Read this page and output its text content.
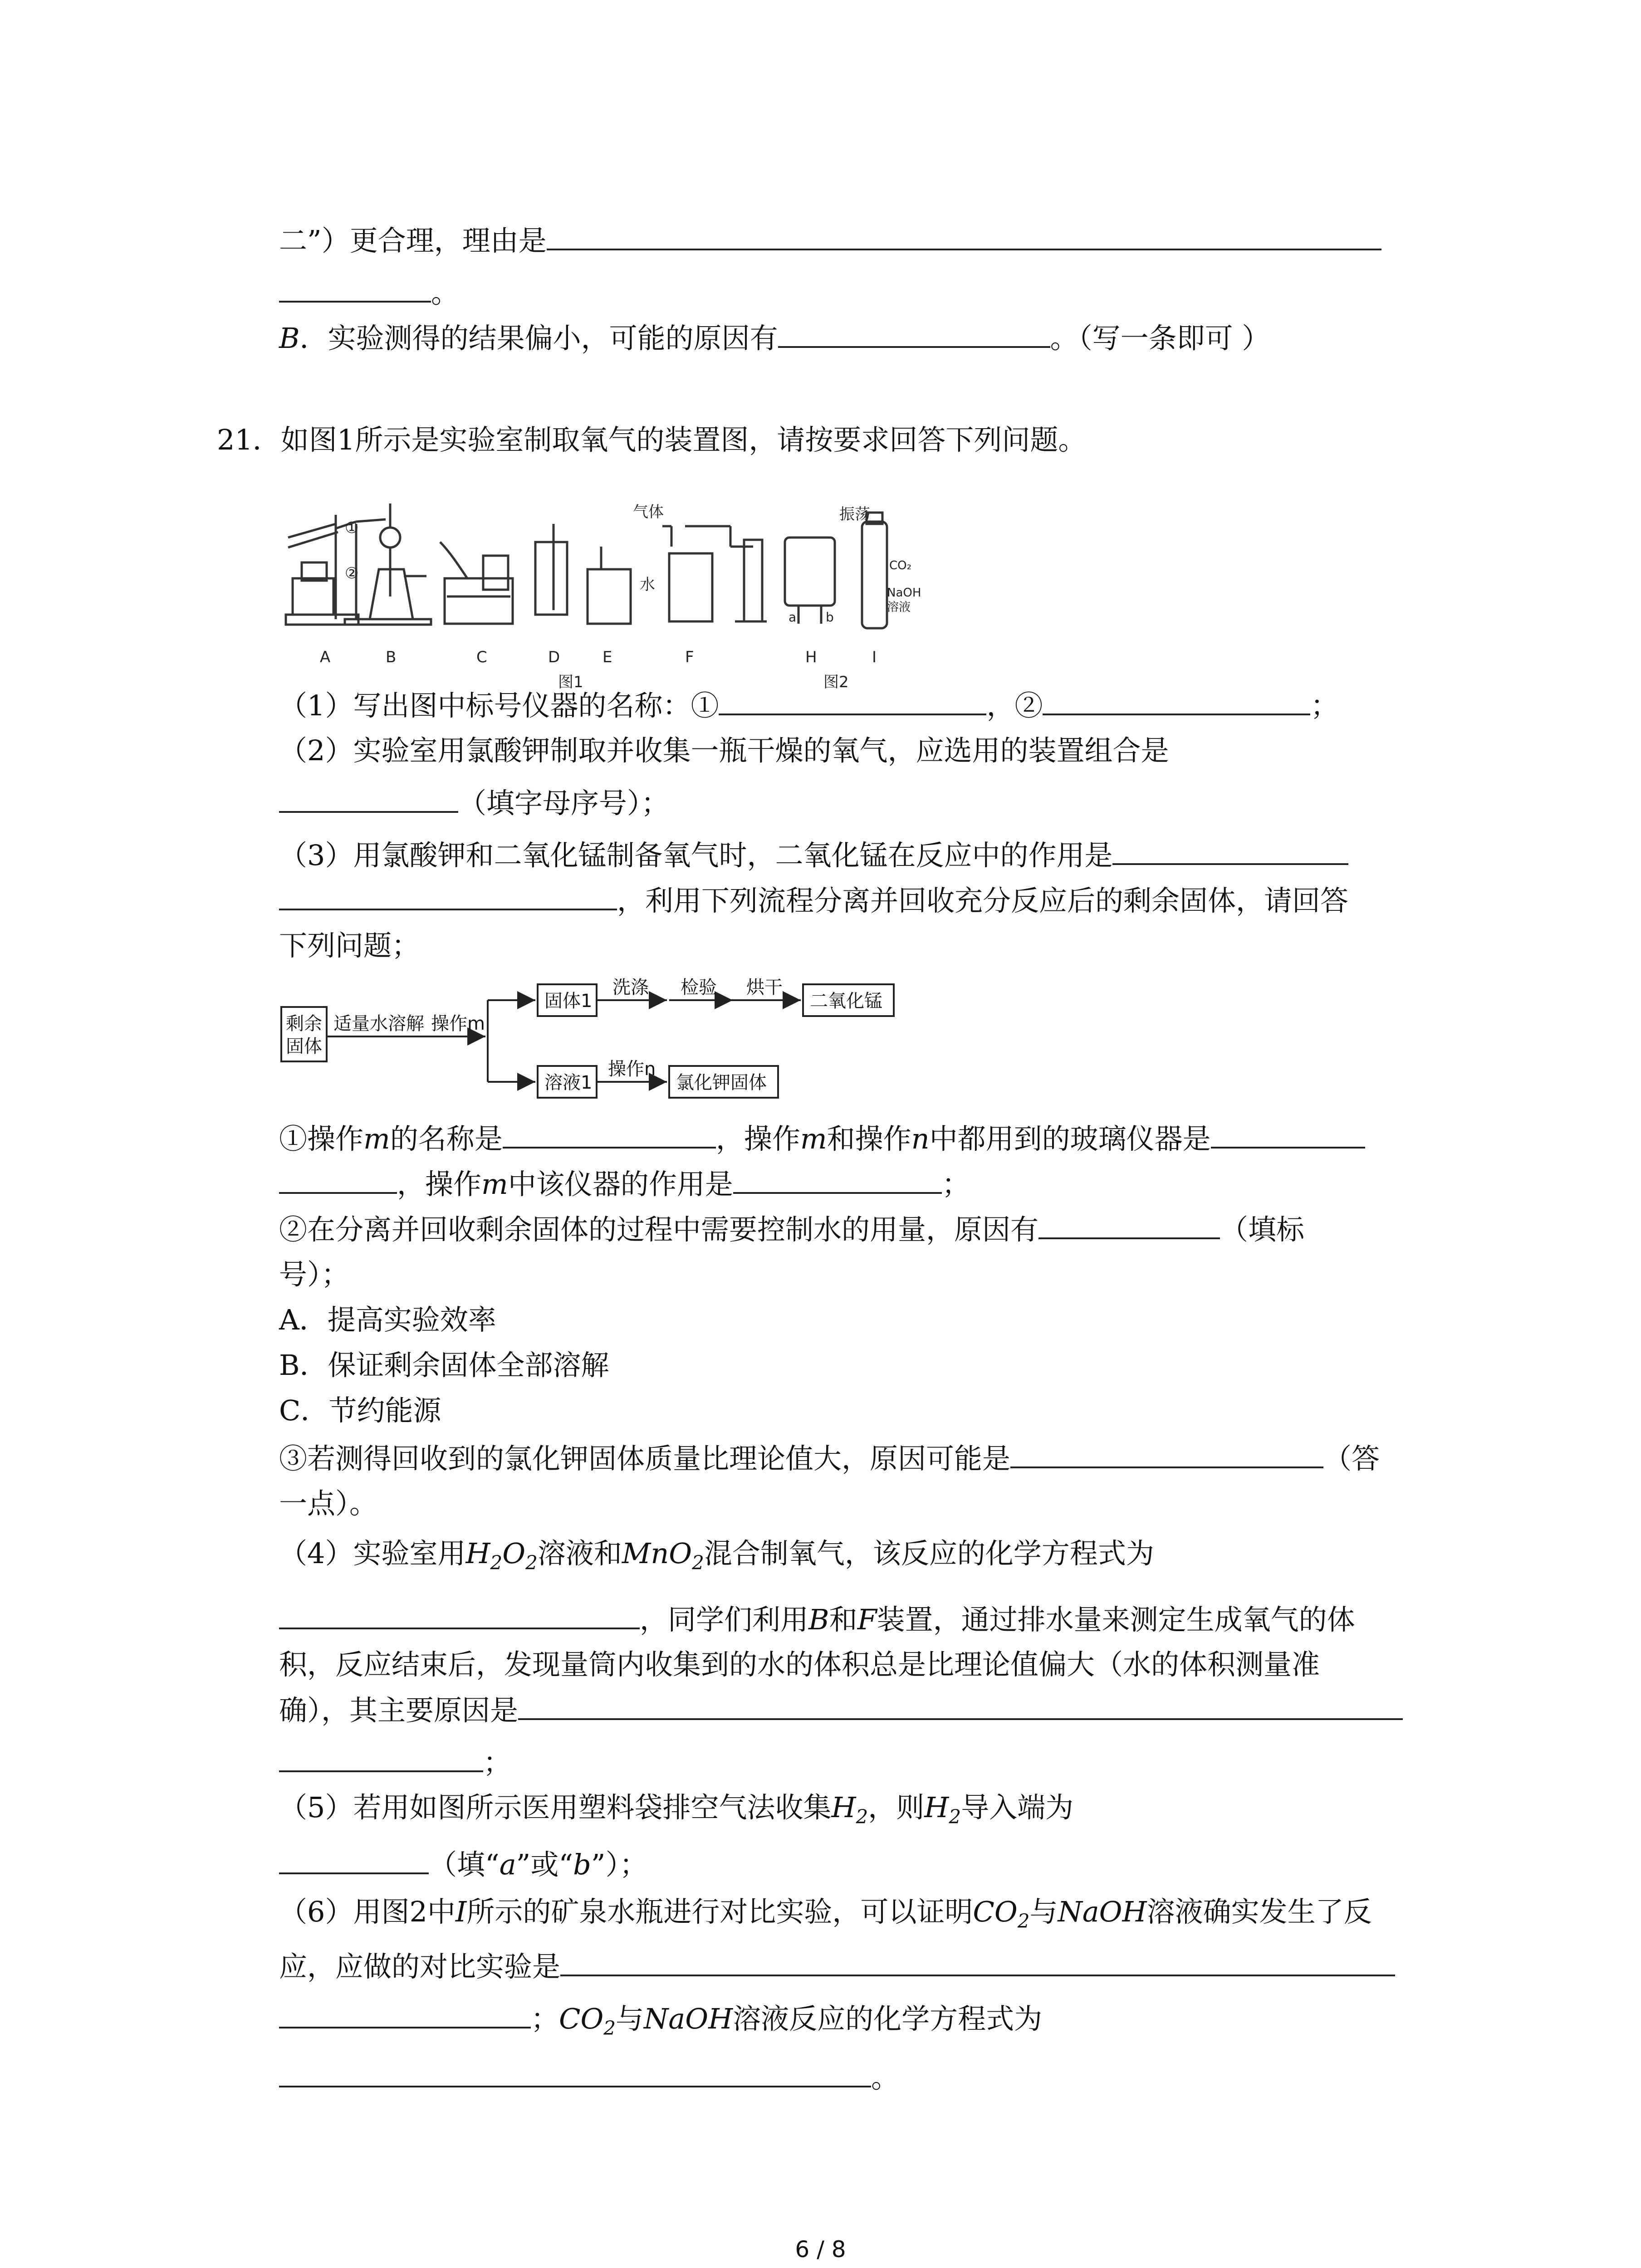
二”）更合理，理由是
。
B．实验测得的结果偏小，可能的原因有	。（写一条即可 ）
21．如图1所示是实验室制取氧气的装置图，请按要求回答下列问题。
A	B	C	D	E	F	H	I
图1	图2
①
②
气体
水
振荡
CO₂
NaOH
溶液
a b
（1）写出图中标号仪器的名称：①	，②	；
（2）实验室用氯酸钾制取并收集一瓶干燥的氧气，应选用的装置组合是
（填字母序号）；
（3）用氯酸钾和二氧化锰制备氧气时，二氧化锰在反应中的作用是
，利用下列流程分离并回收充分反应后的剩余固体，请回答
下列问题；
剩余
固体
适量水溶解 操作m
固体1
洗涤 检验 烘干
二氧化锰
溶液1
操作n
氯化钾固体
①操作m的名称是	，操作m和操作n中都用到的玻璃仪器是
，操作m中该仪器的作用是	；
②在分离并回收剩余固体的过程中需要控制水的用量，原因有	（填标
号）；
A．提高实验效率
B．保证剩余固体全部溶解
C．节约能源
③若测得回收到的氯化钾固体质量比理论值大，原因可能是	（答
一点）。
（4）实验室用$H_2O_2$溶液和MnO$_2$混合制氧气，该反应的化学方程式为
，同学们利用B和F装置，通过排水量来测定生成氧气的体
积，反应结束后，发现量筒内收集到的水的体积总是比理论值偏大（水的体积测量准
确），其主要原因是
；
（5）若用如图所示医用塑料袋排空气法收集$H_2$，则$H_2$导入端为
（填“a”或“b”）；
（6）用图2中I所示的矿泉水瓶进行对比实验，可以证明$CO_2$与NaOH溶液确实发生了反
应，应做的对比实验是
；$CO_2$与NaOH溶液反应的化学方程式为
。
6 / 8
